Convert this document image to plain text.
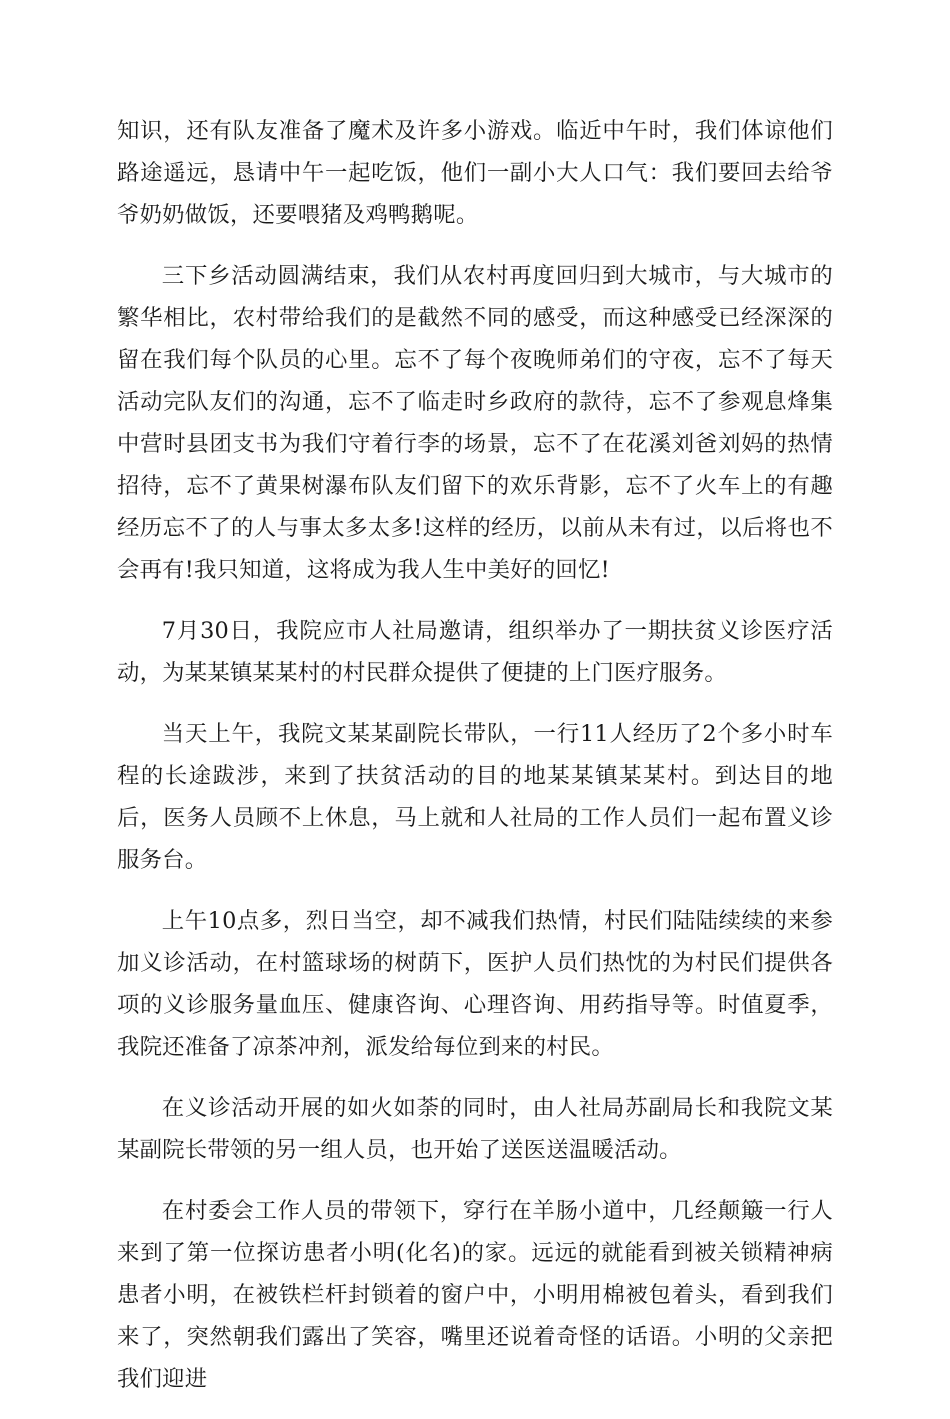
知识，还有队友准备了魔术及许多小游戏。临近中午时，我们体谅他们路途遥远，恳请中午一起吃饭，他们一副小大人口气：我们要回去给爷爷奶奶做饭，还要喂猪及鸡鸭鹅呢。

三下乡活动圆满结束，我们从农村再度回归到大城市，与大城市的繁华相比，农村带给我们的是截然不同的感受，而这种感受已经深深的留在我们每个队员的心里。忘不了每个夜晚师弟们的守夜，忘不了每天活动完队友们的沟通，忘不了临走时乡政府的款待，忘不了参观息烽集中营时县团支书为我们守着行李的场景，忘不了在花溪刘爸刘妈的热情招待，忘不了黄果树瀑布队友们留下的欢乐背影，忘不了火车上的有趣经历忘不了的人与事太多太多!这样的经历，以前从未有过，以后将也不会再有!我只知道，这将成为我人生中美好的回忆!

7月30日，我院应市人社局邀请，组织举办了一期扶贫义诊医疗活动，为某某镇某某村的村民群众提供了便捷的上门医疗服务。

当天上午，我院文某某副院长带队，一行11人经历了2个多小时车程的长途跋涉，来到了扶贫活动的目的地某某镇某某村。到达目的地后，医务人员顾不上休息，马上就和人社局的工作人员们一起布置义诊服务台。

上午10点多，烈日当空，却不减我们热情，村民们陆陆续续的来参加义诊活动，在村篮球场的树荫下，医护人员们热忱的为村民们提供各项的义诊服务量血压、健康咨询、心理咨询、用药指导等。时值夏季，我院还准备了凉茶冲剂，派发给每位到来的村民。

在义诊活动开展的如火如荼的同时，由人社局苏副局长和我院文某某副院长带领的另一组人员，也开始了送医送温暖活动。

在村委会工作人员的带领下，穿行在羊肠小道中，几经颠簸一行人来到了第一位探访患者小明(化名)的家。远远的就能看到被关锁精神病患者小明，在被铁栏杆封锁着的窗户中，小明用棉被包着头，看到我们来了，突然朝我们露出了笑容，嘴里还说着奇怪的话语。小明的父亲把我们迎进
